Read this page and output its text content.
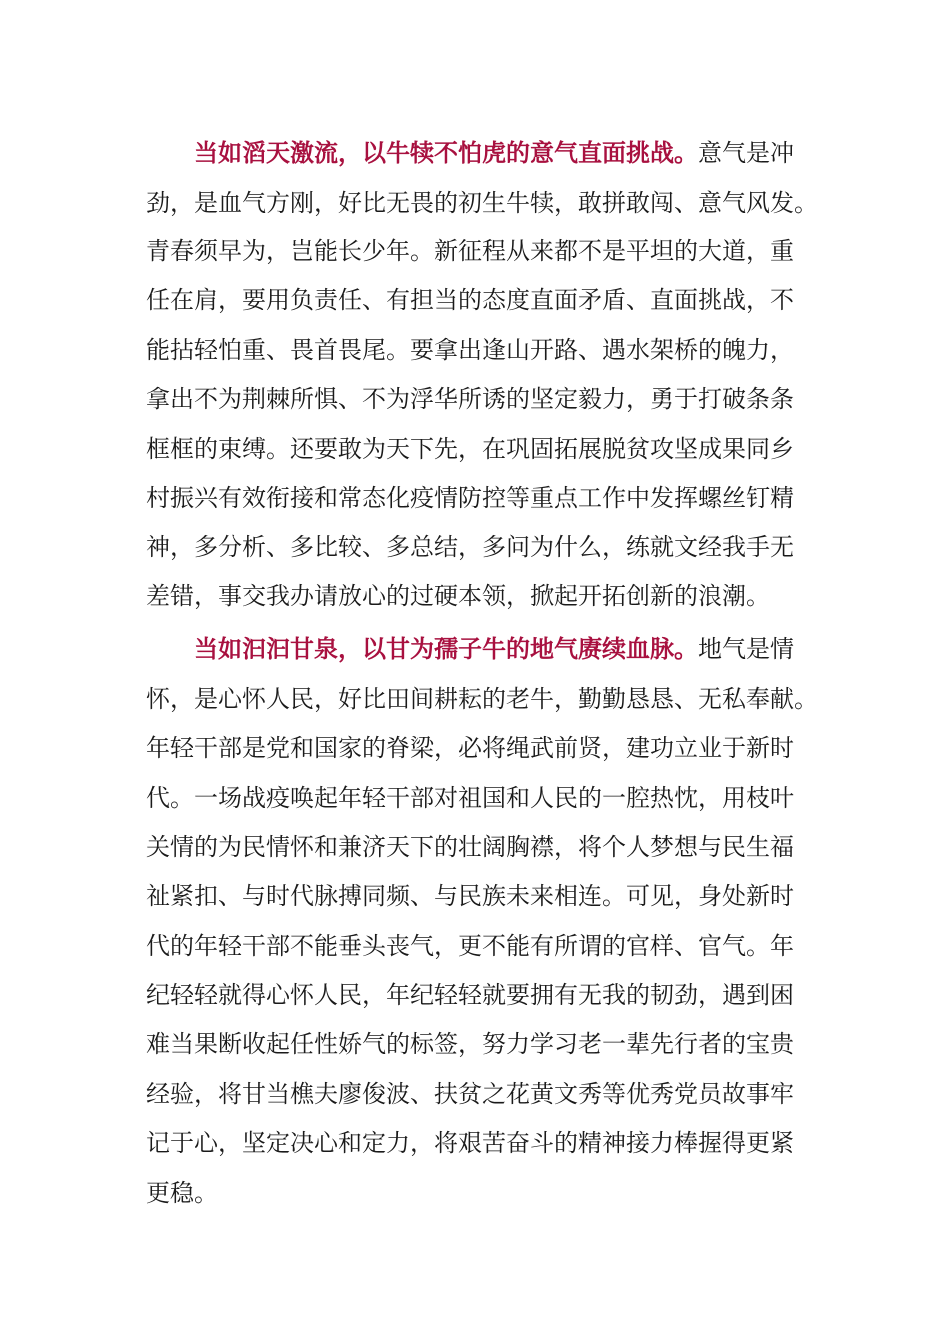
当如滔天激流，以牛犊不怕虎的意气直面挑战。意气是冲
劲，是血气方刚，好比无畏的初生牛犊，敢拼敢闯、意气风发。
青春须早为，岂能长少年。新征程从来都不是平坦的大道，重
任在肩，要用负责任、有担当的态度直面矛盾、直面挑战，不
能拈轻怕重、畏首畏尾。要拿出逢山开路、遇水架桥的魄力，
拿出不为荆棘所惧、不为浮华所诱的坚定毅力，勇于打破条条
框框的束缚。还要敢为天下先，在巩固拓展脱贫攻坚成果同乡
村振兴有效衔接和常态化疫情防控等重点工作中发挥螺丝钉精
神，多分析、多比较、多总结，多问为什么，练就文经我手无
差错，事交我办请放心的过硬本领，掀起开拓创新的浪潮。
当如汩汩甘泉，以甘为孺子牛的地气赓续血脉。地气是情
怀，是心怀人民，好比田间耕耘的老牛，勤勤恳恳、无私奉献。
年轻干部是党和国家的脊梁，必将绳武前贤，建功立业于新时
代。一场战疫唤起年轻干部对祖国和人民的一腔热忱，用枝叶
关情的为民情怀和兼济天下的壮阔胸襟，将个人梦想与民生福
祉紧扣、与时代脉搏同频、与民族未来相连。可见，身处新时
代的年轻干部不能垂头丧气，更不能有所谓的官样、官气。年
纪轻轻就得心怀人民，年纪轻轻就要拥有无我的韧劲，遇到困
难当果断收起任性娇气的标签，努力学习老一辈先行者的宝贵
经验，将甘当樵夫廖俊波、扶贫之花黄文秀等优秀党员故事牢
记于心，坚定决心和定力，将艰苦奋斗的精神接力棒握得更紧
更稳。
